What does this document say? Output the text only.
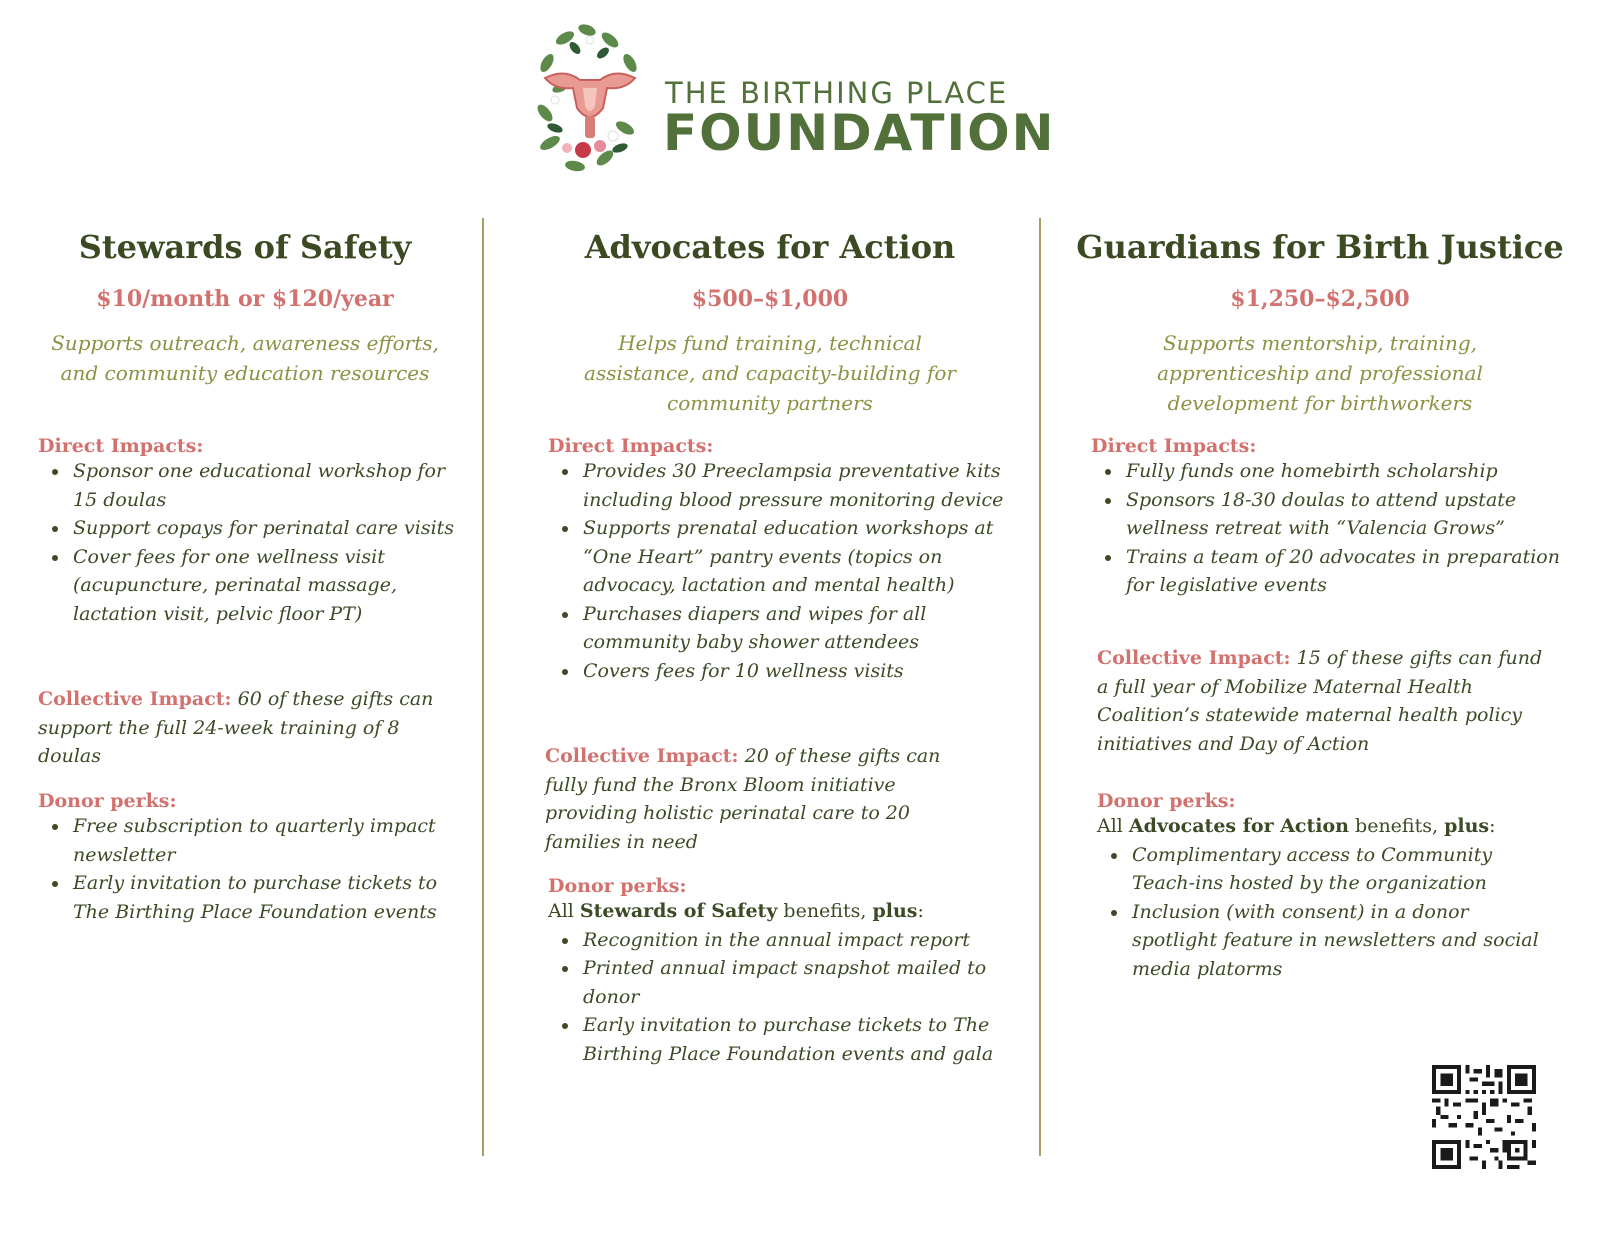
THE BIRTHING PLACE
FOUNDATION
Stewards of Safety
$10/month or $120/year
Supports outreach, awareness efforts, and community education resources
Direct Impacts:
Sponsor one educational workshop for 15 doulas
Support copays for perinatal care visits
Cover fees for one wellness visit (acupuncture, perinatal massage, lactation visit, pelvic floor PT)
Collective Impact: 60 of these gifts can support the full 24-week training of 8 doulas
Donor perks:
Free subscription to quarterly impact newsletter
Early invitation to purchase tickets to The Birthing Place Foundation events
Advocates for Action
$500–$1,000
Helps fund training, technical assistance, and capacity-building for community partners
Direct Impacts:
Provides 30 Preeclampsia preventative kits including blood pressure monitoring device
Supports prenatal education workshops at “One Heart” pantry events (topics on advocacy, lactation and mental health)
Purchases diapers and wipes for all community baby shower attendees
Covers fees for 10 wellness visits
Collective Impact: 20 of these gifts can fully fund the Bronx Bloom initiative providing holistic perinatal care to 20 families in need
Donor perks:
All Stewards of Safety benefits, plus:
Recognition in the annual impact report
Printed annual impact snapshot mailed to donor
Early invitation to purchase tickets to The Birthing Place Foundation events and gala
Guardians for Birth Justice
$1,250–$2,500
Supports mentorship, training, apprenticeship and professional development for birthworkers
Direct Impacts:
Fully funds one homebirth scholarship
Sponsors 18-30 doulas to attend upstate wellness retreat with “Valencia Grows”
Trains a team of 20 advocates in preparation for legislative events
Collective Impact: 15 of these gifts can fund a full year of Mobilize Maternal Health Coalition’s statewide maternal health policy initiatives and Day of Action
Donor perks:
All Advocates for Action benefits, plus:
Complimentary access to Community Teach-ins hosted by the organization
Inclusion (with consent) in a donor spotlight feature in newsletters and social media platorms
